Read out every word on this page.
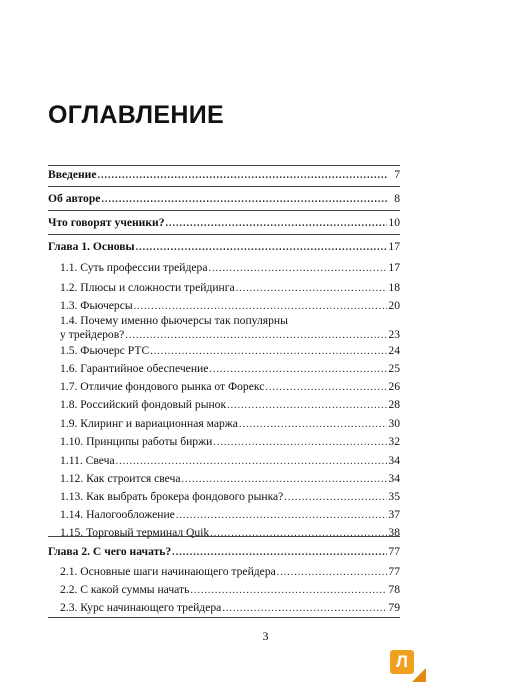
ОГЛАВЛЕНИЕ
Введение .....	7
Об авторе .....	8
Что говорят ученики? .....	10
Глава 1. Основы .....	17
1.1. Суть профессии трейдера .....	17
1.2. Плюсы и сложности трейдинга .....	18
1.3. Фьючерсы .....	20
1.4. Почему именно фьючерсы так популярны
у трейдеров? .....	23
1.5. Фьючерс РТС .....	24
1.6. Гарантийное обеспечение .....	25
1.7. Отличие фондового рынка от Форекс .....	26
1.8. Российский фондовый рынок .....	28
1.9. Клиринг и вариационная маржа .....	30
1.10. Принципы работы биржи .....	32
1.11. Свеча .....	34
1.12. Как строится свеча .....	34
1.13. Как выбрать брокера фондового рынка? .....	35
1.14. Налогообложение .....	37
1.15. Торговый терминал Quik .....	38
Глава 2. С чего начать? .....	77
2.1. Основные шаги начинающего трейдера .....	77
2.2. С какой суммы начать .....	78
2.3. Курс начинающего трейдера .....	79
3
Л
